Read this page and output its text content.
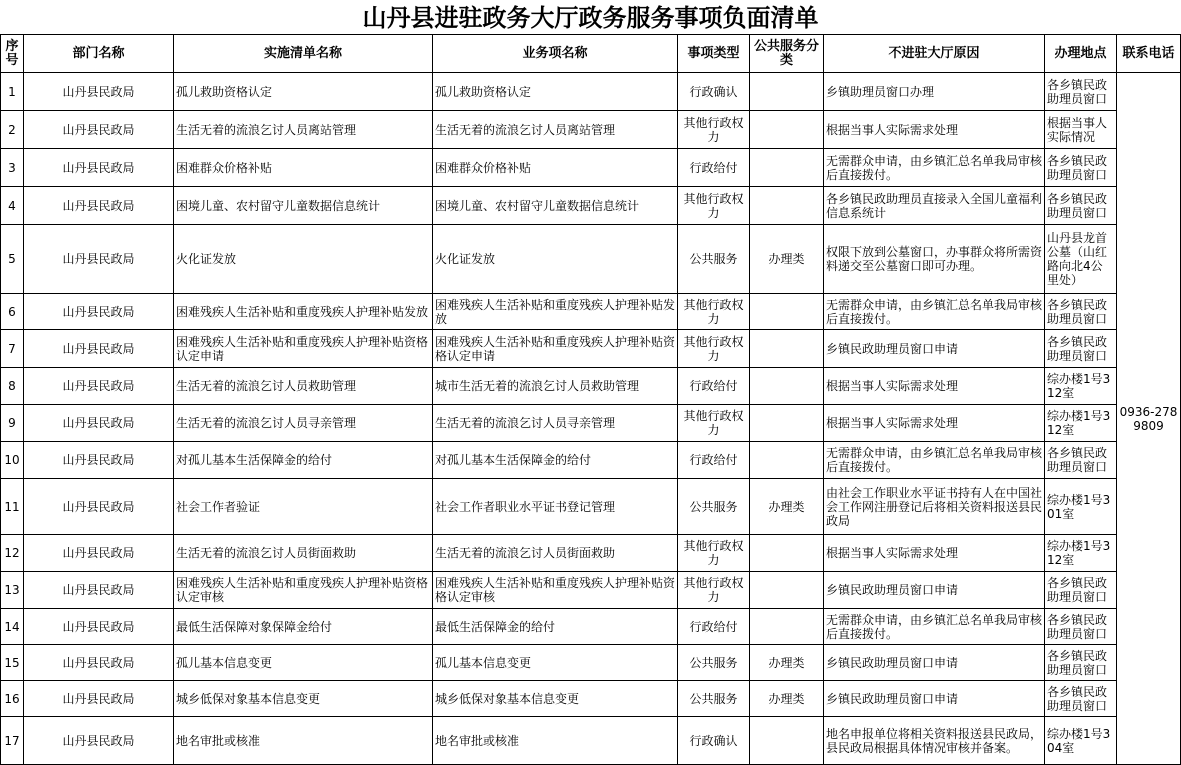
山丹县进驻政务大厅政务服务事项负面清单
序号	部门名称	实施清单名称	业务项名称	事项类型	公共服务分类	不进驻大厅原因	办理地点	联系电话
1	山丹县民政局	孤儿救助资格认定	孤儿救助资格认定	行政确认		乡镇助理员窗口办理	各乡镇民政助理员窗口	0936-2789809
2	山丹县民政局	生活无着的流浪乞讨人员离站管理	生活无着的流浪乞讨人员离站管理	其他行政权力		根据当事人实际需求处理	根据当事人实际情况	
3	山丹县民政局	困难群众价格补贴	困难群众价格补贴	行政给付		无需群众申请，由乡镇汇总名单我局审核后直接拨付。	各乡镇民政助理员窗口	
4	山丹县民政局	困境儿童、农村留守儿童数据信息统计	困境儿童、农村留守儿童数据信息统计	其他行政权力		各乡镇民政助理员直接录入全国儿童福利信息系统计	各乡镇民政助理员窗口	
5	山丹县民政局	火化证发放	火化证发放	公共服务	办理类	权限下放到公墓窗口，办事群众将所需资料递交至公墓窗口即可办理。	山丹县龙首公墓（山红路向北4公里处）	
6	山丹县民政局	困难残疾人生活补贴和重度残疾人护理补贴发放	困难残疾人生活补贴和重度残疾人护理补贴发放	其他行政权力		无需群众申请，由乡镇汇总名单我局审核后直接拨付。	各乡镇民政助理员窗口	
7	山丹县民政局	困难残疾人生活补贴和重度残疾人护理补贴资格认定申请	困难残疾人生活补贴和重度残疾人护理补贴资格认定申请	其他行政权力		乡镇民政助理员窗口申请	各乡镇民政助理员窗口	
8	山丹县民政局	生活无着的流浪乞讨人员救助管理	城市生活无着的流浪乞讨人员救助管理	行政给付		根据当事人实际需求处理	综办楼1号312室	
9	山丹县民政局	生活无着的流浪乞讨人员寻亲管理	生活无着的流浪乞讨人员寻亲管理	其他行政权力		根据当事人实际需求处理	综办楼1号312室	
10	山丹县民政局	对孤儿基本生活保障金的给付	对孤儿基本生活保障金的给付	行政给付		无需群众申请，由乡镇汇总名单我局审核后直接拨付。	各乡镇民政助理员窗口	
11	山丹县民政局	社会工作者验证	社会工作者职业水平证书登记管理	公共服务	办理类	由社会工作职业水平证书持有人在中国社会工作网注册登记后将相关资料报送县民政局	综办楼1号301室	
12	山丹县民政局	生活无着的流浪乞讨人员街面救助	生活无着的流浪乞讨人员街面救助	其他行政权力		根据当事人实际需求处理	综办楼1号312室	
13	山丹县民政局	困难残疾人生活补贴和重度残疾人护理补贴资格认定审核	困难残疾人生活补贴和重度残疾人护理补贴资格认定审核	其他行政权力		乡镇民政助理员窗口申请	各乡镇民政助理员窗口	
14	山丹县民政局	最低生活保障对象保障金给付	最低生活保障金的给付	行政给付		无需群众申请，由乡镇汇总名单我局审核后直接拨付。	各乡镇民政助理员窗口	
15	山丹县民政局	孤儿基本信息变更	孤儿基本信息变更	公共服务	办理类	乡镇民政助理员窗口申请	各乡镇民政助理员窗口	
16	山丹县民政局	城乡低保对象基本信息变更	城乡低保对象基本信息变更	公共服务	办理类	乡镇民政助理员窗口申请	各乡镇民政助理员窗口	
17	山丹县民政局	地名审批或核准	地名审批或核准	行政确认		地名申报单位将相关资料报送县民政局，县民政局根据具体情况审核并备案。	综办楼1号304室	
